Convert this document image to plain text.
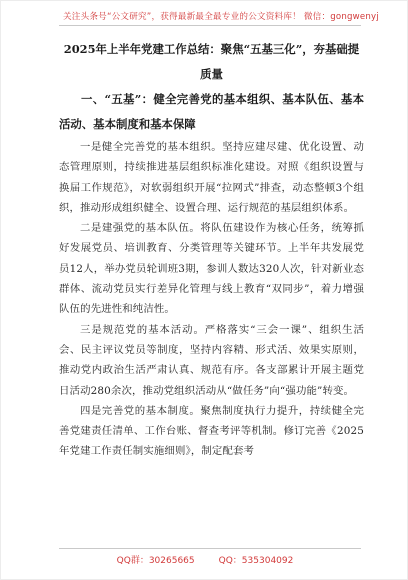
关注头条号“公文研究”，获得最新最全最专业的公文资料库！ 微信：gongwenyj

2025年上半年党建工作总结：聚焦“五基三化”，夯基础提质量

一、“五基”：健全完善党的基本组织、基本队伍、基本活动、基本制度和基本保障

一是健全完善党的基本组织。坚持应建尽建、优化设置、动态管理原则，持续推进基层组织标准化建设。对照《组织设置与换届工作规范》，对软弱组织开展“拉网式”排查，动态整顿3个组织，推动形成组织健全、设置合理、运行规范的基层组织体系。

二是建强党的基本队伍。将队伍建设作为核心任务，统筹抓好发展党员、培训教育、分类管理等关键环节。上半年共发展党员12人，举办党员轮训班3期，参训人数达320人次，针对新业态群体、流动党员实行差异化管理与线上教育“双同步”，着力增强队伍的先进性和纯洁性。

三是规范党的基本活动。严格落实“三会一课”、组织生活会、民主评议党员等制度，坚持内容精、形式活、效果实原则，推动党内政治生活严肃认真、规范有序。各支部累计开展主题党日活动280余次，推动党组织活动从“做任务”向“强功能”转变。

四是完善党的基本制度。聚焦制度执行力提升，持续健全完善党建责任清单、工作台账、督查考评等机制。修订完善《2025年党建工作责任制实施细则》，制定配套考

QQ群：30265665	QQ：535304092
